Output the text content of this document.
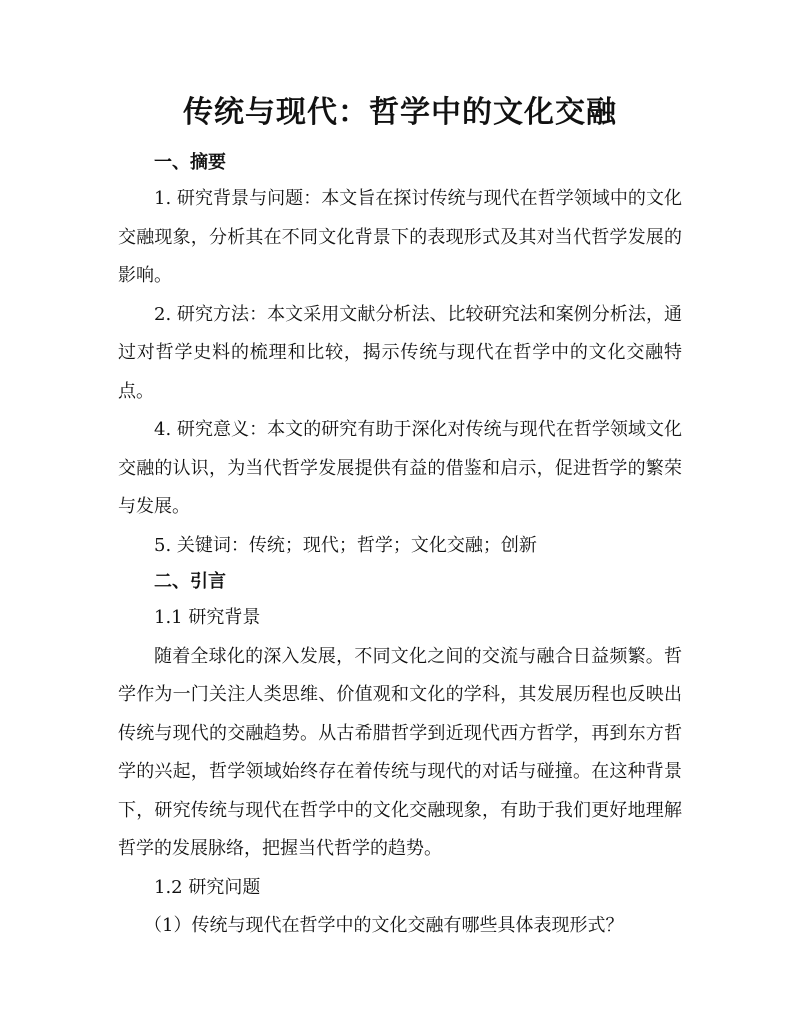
传统与现代：哲学中的文化交融
一、摘要

1. 研究背景与问题：本文旨在探讨传统与现代在哲学领域中的文化交融现象，分析其在不同文化背景下的表现形式及其对当代哲学发展的影响。

2. 研究方法：本文采用文献分析法、比较研究法和案例分析法，通过对哲学史料的梳理和比较，揭示传统与现代在哲学中的文化交融特点。

4. 研究意义：本文的研究有助于深化对传统与现代在哲学领域文化交融的认识，为当代哲学发展提供有益的借鉴和启示，促进哲学的繁荣与发展。

5. 关键词：传统；现代；哲学；文化交融；创新

二、引言

1.1 研究背景

随着全球化的深入发展，不同文化之间的交流与融合日益频繁。哲学作为一门关注人类思维、价值观和文化的学科，其发展历程也反映出传统与现代的交融趋势。从古希腊哲学到近现代西方哲学，再到东方哲学的兴起，哲学领域始终存在着传统与现代的对话与碰撞。在这种背景下，研究传统与现代在哲学中的文化交融现象，有助于我们更好地理解哲学的发展脉络，把握当代哲学的趋势。

1.2 研究问题

（1）传统与现代在哲学中的文化交融有哪些具体表现形式？
